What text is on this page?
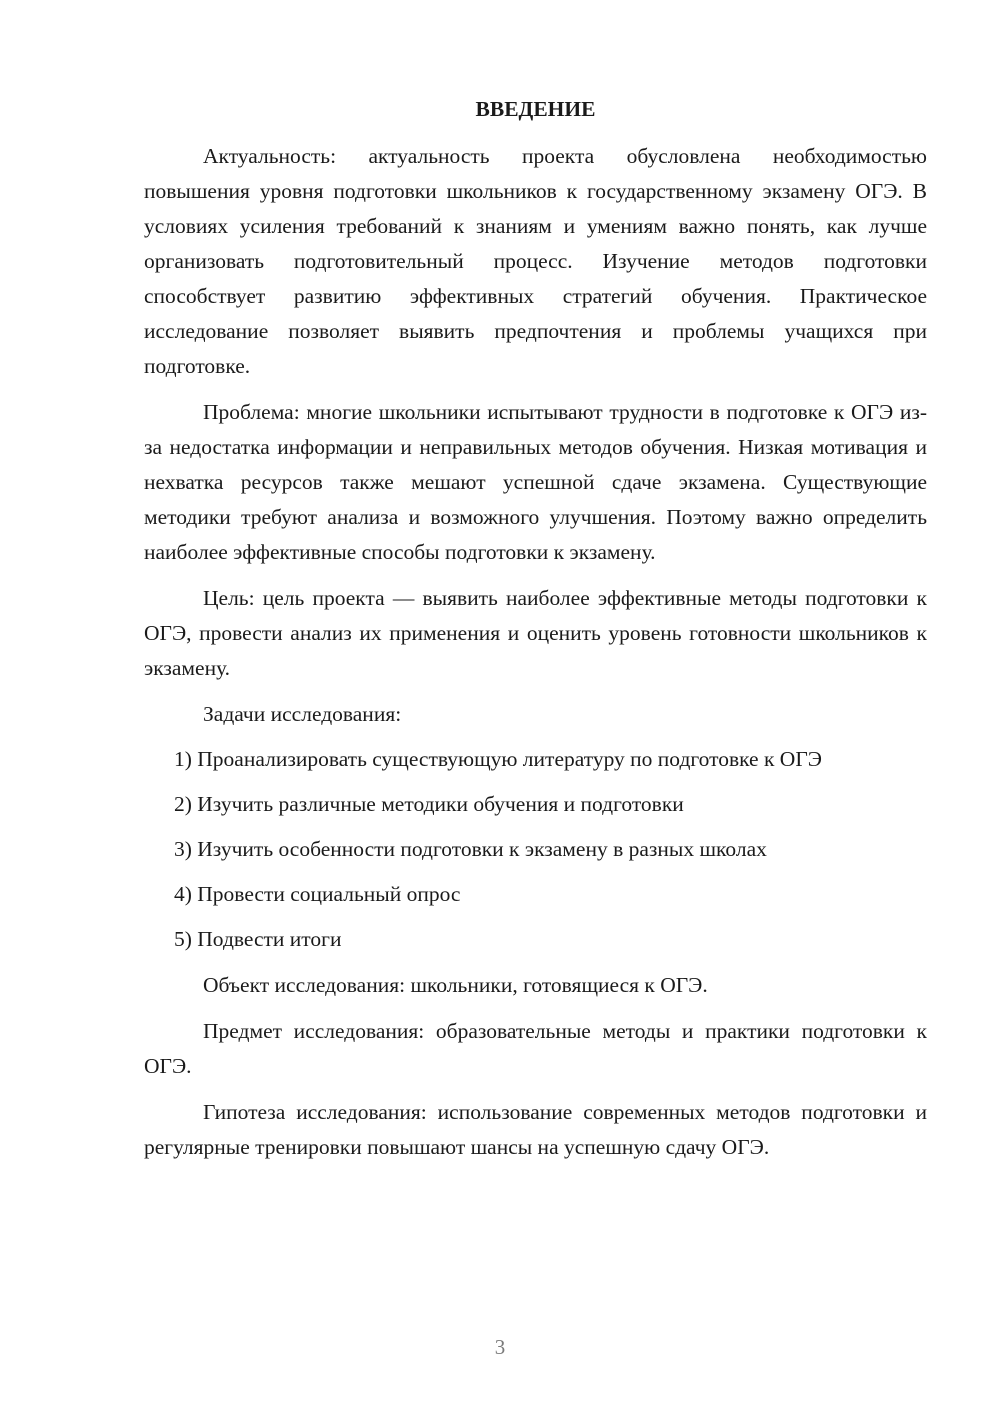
ВВЕДЕНИЕ

Актуальность: актуальность проекта обусловлена необходимостью повышения уровня подготовки школьников к государственному экзамену ОГЭ. В условиях усиления требований к знаниям и умениям важно понять, как лучше организовать подготовительный процесс. Изучение методов подготовки способствует развитию эффективных стратегий обучения. Практическое исследование позволяет выявить предпочтения и проблемы учащихся при подготовке.

Проблема: многие школьники испытывают трудности в подготовке к ОГЭ из-за недостатка информации и неправильных методов обучения. Низкая мотивация и нехватка ресурсов также мешают успешной сдаче экзамена. Существующие методики требуют анализа и возможного улучшения. Поэтому важно определить наиболее эффективные способы подготовки к экзамену.

Цель: цель проекта — выявить наиболее эффективные методы подготовки к ОГЭ, провести анализ их применения и оценить уровень готовности школьников к экзамену.

Задачи исследования:

1) Проанализировать существующую литературу по подготовке к ОГЭ

2) Изучить различные методики обучения и подготовки

3) Изучить особенности подготовки к экзамену в разных школах

4) Провести социальный опрос

5) Подвести итоги

Объект исследования: школьники, готовящиеся к ОГЭ.

Предмет исследования: образовательные методы и практики подготовки к ОГЭ.

Гипотеза исследования: использование современных методов подготовки и регулярные тренировки повышают шансы на успешную сдачу ОГЭ.

3
